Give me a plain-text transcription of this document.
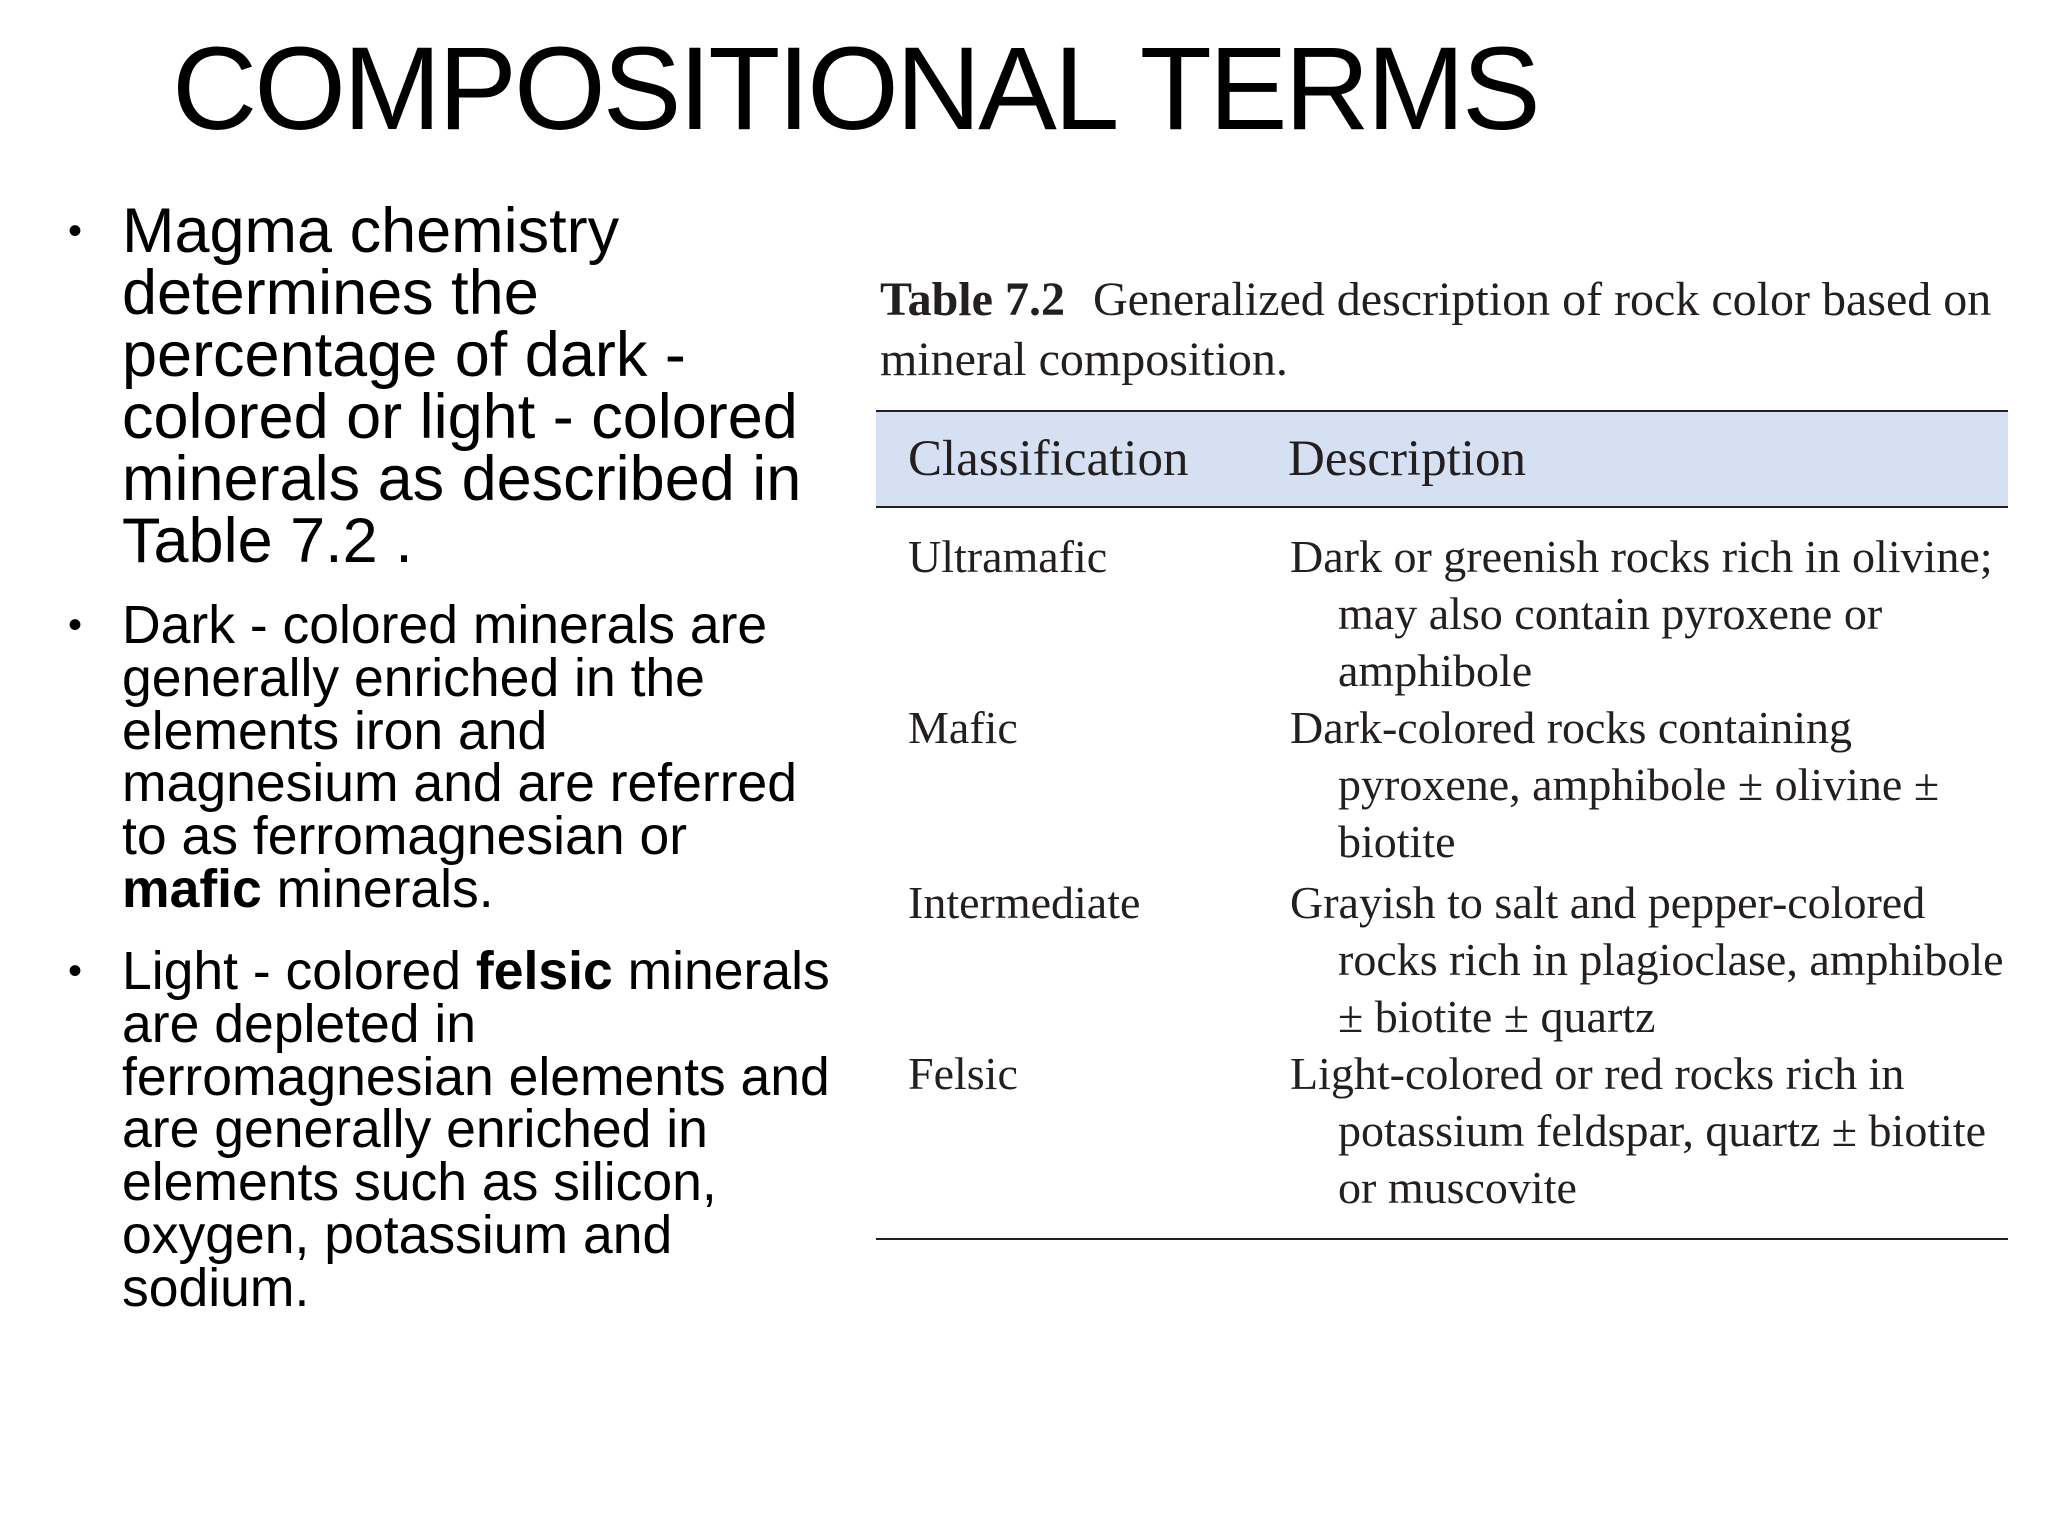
COMPOSITIONAL TERMS
• Magma chemistry determines the percentage of dark - colored or light - colored minerals as described in Table 7.2 .
• Dark - colored minerals are generally enriched in the elements iron and magnesium and are referred to as ferromagnesian or mafic minerals.
• Light - colored felsic minerals are depleted in ferromagnesian elements and are generally enriched in elements such as silicon, oxygen, potassium and sodium.

Table 7.2 Generalized description of rock color based on mineral composition.

Classification	Description
Ultramafic	Dark or greenish rocks rich in olivine; may also contain pyroxene or amphibole
Mafic	Dark-colored rocks containing pyroxene, amphibole ± olivine ± biotite
Intermediate	Grayish to salt and pepper-colored rocks rich in plagioclase, amphibole ± biotite ± quartz
Felsic	Light-colored or red rocks rich in potassium feldspar, quartz ± biotite or muscovite
